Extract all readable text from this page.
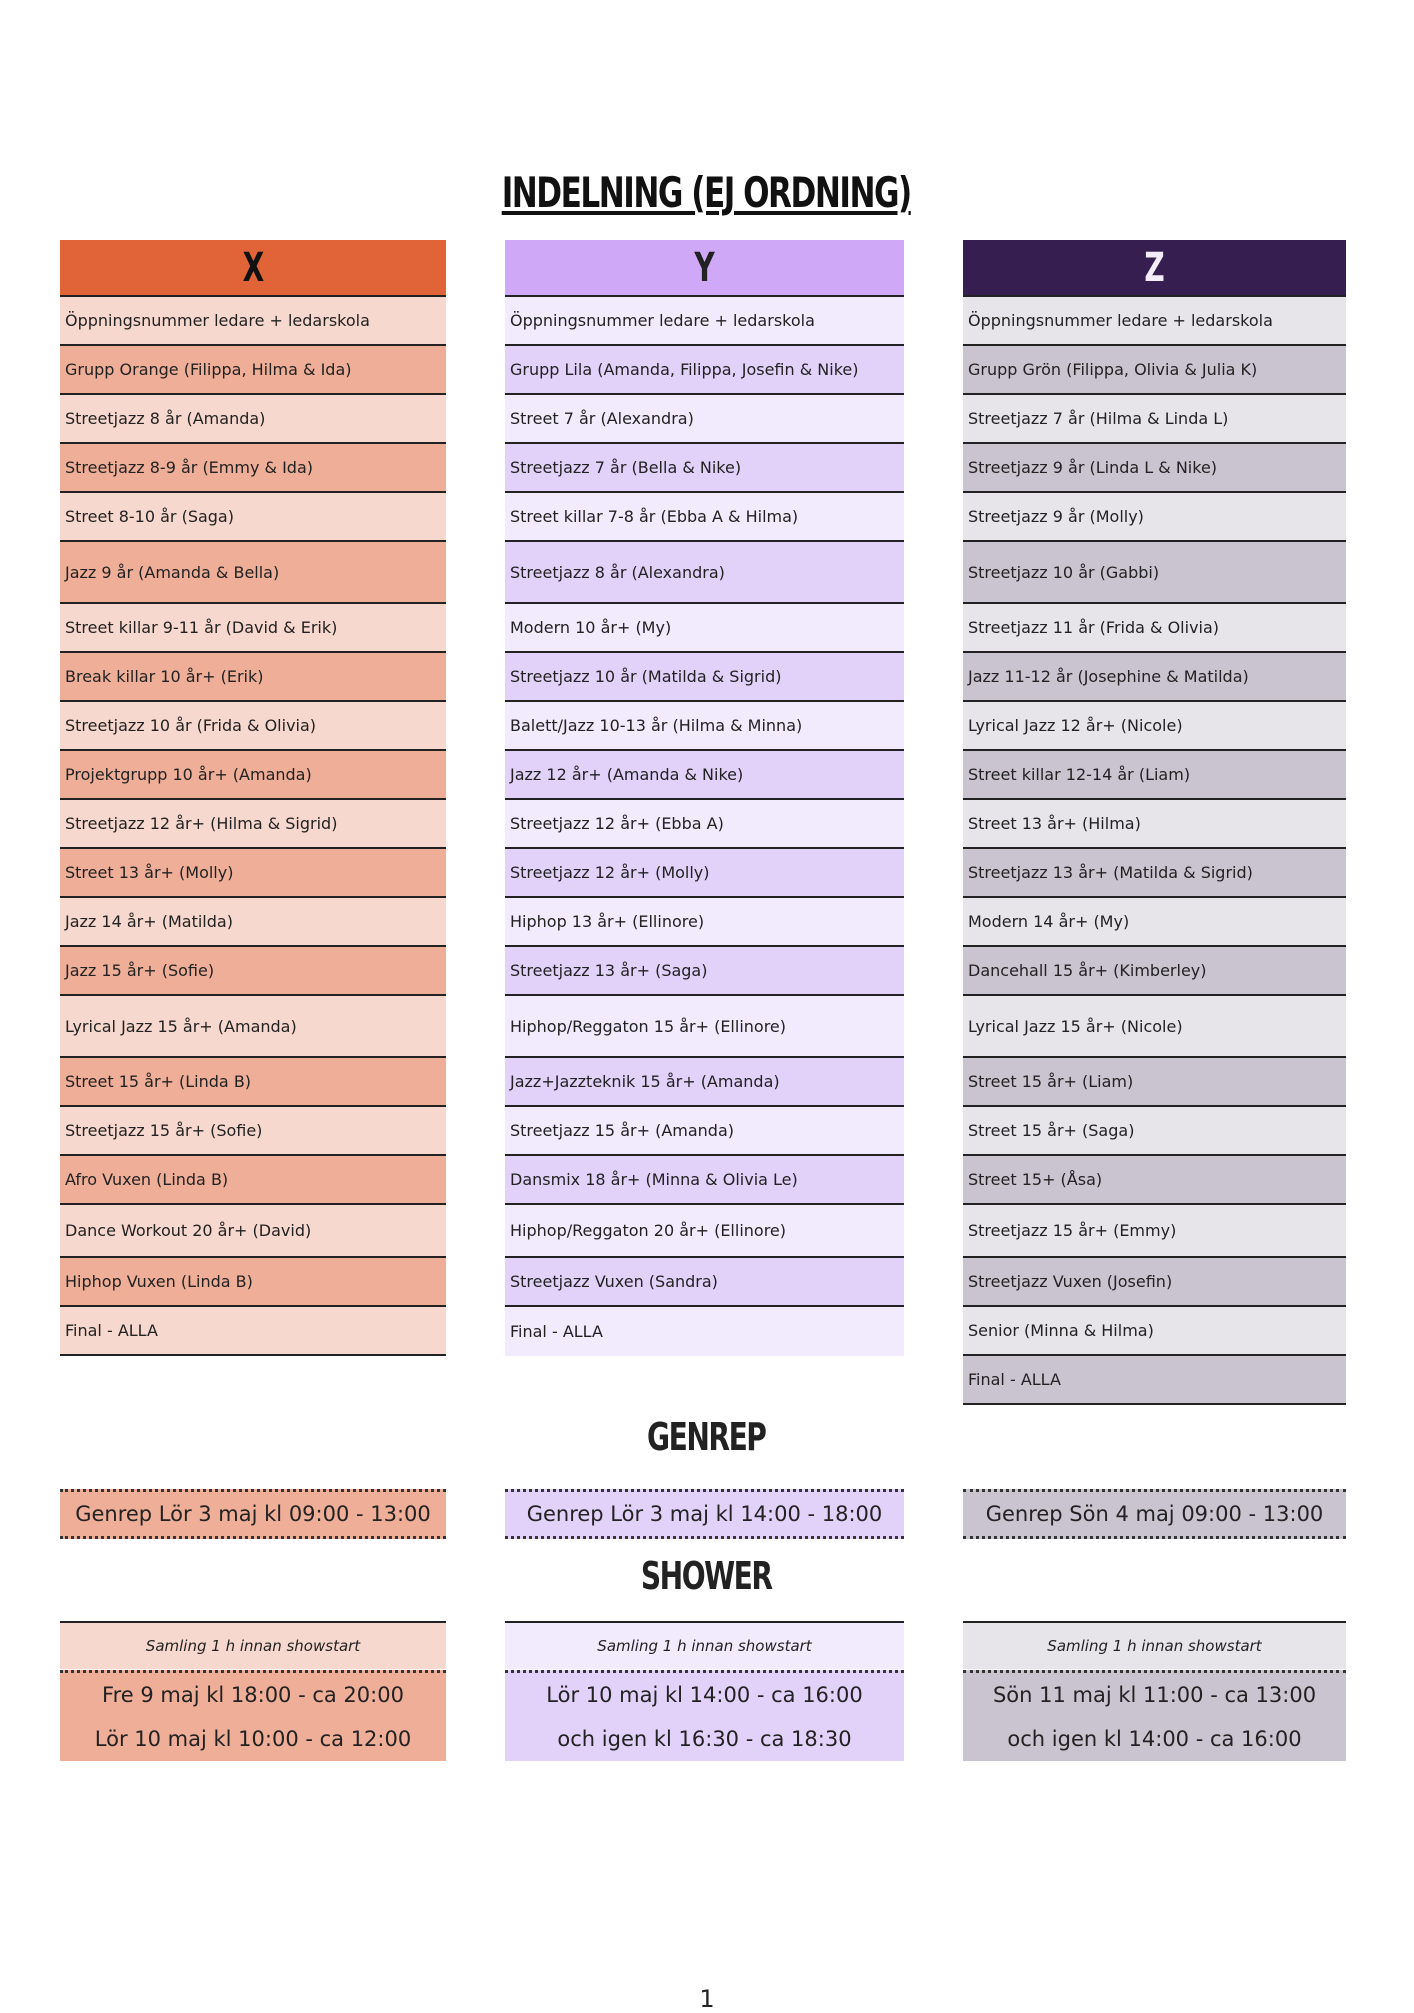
INDELNING (EJ ORDNING)
X
Öppningsnummer ledare + ledarskola
Grupp Orange (Filippa, Hilma & Ida)
Streetjazz 8 år (Amanda)
Streetjazz 8-9 år (Emmy & Ida)
Street 8-10 år (Saga)
Jazz 9 år (Amanda & Bella)
Street killar 9-11 år (David & Erik)
Break killar 10 år+ (Erik)
Streetjazz 10 år (Frida & Olivia)
Projektgrupp 10 år+ (Amanda)
Streetjazz 12 år+ (Hilma & Sigrid)
Street 13 år+ (Molly)
Jazz 14 år+ (Matilda)
Jazz 15 år+ (Sofie)
Lyrical Jazz 15 år+ (Amanda)
Street 15 år+ (Linda B)
Streetjazz 15 år+ (Sofie)
Afro Vuxen (Linda B)
Dance Workout 20 år+ (David)
Hiphop Vuxen (Linda B)
Final - ALLA
Y
Öppningsnummer ledare + ledarskola
Grupp Lila (Amanda, Filippa, Josefin & Nike)
Street 7 år (Alexandra)
Streetjazz 7 år (Bella & Nike)
Street killar 7-8 år (Ebba A & Hilma)
Streetjazz 8 år (Alexandra)
Modern 10 år+ (My)
Streetjazz 10 år (Matilda & Sigrid)
Balett/Jazz 10-13 år (Hilma & Minna)
Jazz 12 år+ (Amanda & Nike)
Streetjazz 12 år+ (Ebba A)
Streetjazz 12 år+ (Molly)
Hiphop 13 år+ (Ellinore)
Streetjazz 13 år+ (Saga)
Hiphop/Reggaton 15 år+ (Ellinore)
Jazz+Jazzteknik 15 år+ (Amanda)
Streetjazz 15 år+ (Amanda)
Dansmix 18 år+ (Minna & Olivia Le)
Hiphop/Reggaton 20 år+ (Ellinore)
Streetjazz Vuxen (Sandra)
Final - ALLA
Z
Öppningsnummer ledare + ledarskola
Grupp Grön (Filippa, Olivia & Julia K)
Streetjazz 7 år (Hilma & Linda L)
Streetjazz 9 år (Linda L & Nike)
Streetjazz 9 år (Molly)
Streetjazz 10 år (Gabbi)
Streetjazz 11 år (Frida & Olivia)
Jazz 11-12 år (Josephine & Matilda)
Lyrical Jazz 12 år+ (Nicole)
Street killar 12-14 år (Liam)
Street 13 år+ (Hilma)
Streetjazz 13 år+ (Matilda & Sigrid)
Modern 14 år+ (My)
Dancehall 15 år+ (Kimberley)
Lyrical Jazz 15 år+ (Nicole)
Street 15 år+ (Liam)
Street 15 år+ (Saga)
Street 15+ (Åsa)
Streetjazz 15 år+ (Emmy)
Streetjazz Vuxen (Josefin)
Senior (Minna & Hilma)
Final - ALLA
GENREP
Genrep Lör 3 maj kl 09:00 - 13:00	Genrep Lör 3 maj kl 14:00 - 18:00	Genrep Sön 4 maj 09:00 - 13:00
SHOWER
Samling 1 h innan showstart
Fre 9 maj kl 18:00 - ca 20:00
Lör 10 maj kl 10:00 - ca 12:00
Samling 1 h innan showstart
Lör 10 maj kl 14:00 - ca 16:00
och igen kl 16:30 - ca 18:30
Samling 1 h innan showstart
Sön 11 maj kl 11:00 - ca 13:00
och igen kl 14:00 - ca 16:00
1
